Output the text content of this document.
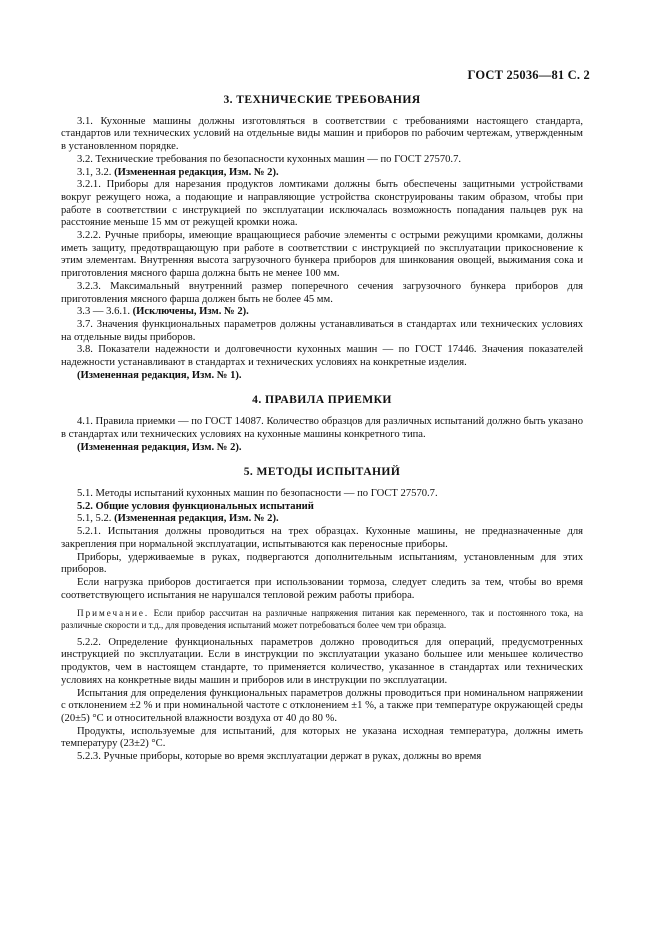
ГОСТ 25036—81 С. 2
3. ТЕХНИЧЕСКИЕ ТРЕБОВАНИЯ

3.1. Кухонные машины должны изготовляться в соответствии с требованиями настоящего стандарта, стандартов или технических условий на отдельные виды машин и приборов по рабочим чертежам, утвержденным в установленном порядке.

3.2. Технические требования по безопасности кухонных машин — по ГОСТ 27570.7.

3.1, 3.2. (Измененная редакция, Изм. № 2).

3.2.1. Приборы для нарезания продуктов ломтиками должны быть обеспечены защитными устройствами вокруг режущего ножа, а подающие и направляющие устройства сконструированы таким образом, чтобы при работе в соответствии с инструкцией по эксплуатации исключалась возможность попадания пальцев рук на расстояние меньше 15 мм от режущей кромки ножа.

3.2.2. Ручные приборы, имеющие вращающиеся рабочие элементы с острыми режущими кромками, должны иметь защиту, предотвращающую при работе в соответствии с инструкцией по эксплуатации прикосновение к этим элементам. Внутренняя высота загрузочного бункера приборов для шинкования овощей, выжимания сока и приготовления мясного фарша должна быть не менее 100 мм.

3.2.3. Максимальный внутренний размер поперечного сечения загрузочного бункера приборов для приготовления мясного фарша должен быть не более 45 мм.

3.3 — 3.6.1. (Исключены, Изм. № 2).

3.7. Значения функциональных параметров должны устанавливаться в стандартах или технических условиях на отдельные виды приборов.

3.8. Показатели надежности и долговечности кухонных машин — по ГОСТ 17446. Значения показателей надежности устанавливают в стандартах и технических условиях на конкретные изделия.

(Измененная редакция, Изм. № 1).

4. ПРАВИЛА ПРИЕМКИ

4.1. Правила приемки — по ГОСТ 14087. Количество образцов для различных испытаний должно быть указано в стандартах или технических условиях на кухонные машины конкретного типа.

(Измененная редакция, Изм. № 2).

5. МЕТОДЫ ИСПЫТАНИЙ

5.1. Методы испытаний кухонных машин по безопасности — по ГОСТ 27570.7.

5.2. Общие условия функциональных испытаний

5.1, 5.2. (Измененная редакция, Изм. № 2).

5.2.1. Испытания должны проводиться на трех образцах. Кухонные машины, не предназначенные для закрепления при нормальной эксплуатации, испытываются как переносные приборы.

Приборы, удерживаемые в руках, подвергаются дополнительным испытаниям, установленным для этих приборов.

Если нагрузка приборов достигается при использовании тормоза, следует следить за тем, чтобы во время соответствующего испытания не нарушался тепловой режим работы прибора.

Примечание. Если прибор рассчитан на различные напряжения питания как переменного, так и постоянного тока, на различные скорости и т.д., для проведения испытаний может потребоваться более чем три образца.

5.2.2. Определение функциональных параметров должно проводиться для операций, предусмотренных инструкцией по эксплуатации. Если в инструкции по эксплуатации указано большее или меньшее количество продуктов, чем в настоящем стандарте, то применяется количество, указанное в стандартах или технических условиях на конкретные виды машин и приборов или в инструкции по эксплуатации.

Испытания для определения функциональных параметров должны проводиться при номинальном напряжении с отклонением ±2 % и при номинальной частоте с отклонением ±1 %, а также при температуре окружающей среды (20±5) °С и относительной влажности воздуха от 40 до 80 %.

Продукты, используемые для испытаний, для которых не указана исходная температура, должны иметь температуру (23±2) °С.

5.2.3. Ручные приборы, которые во время эксплуатации держат в руках, должны во время
